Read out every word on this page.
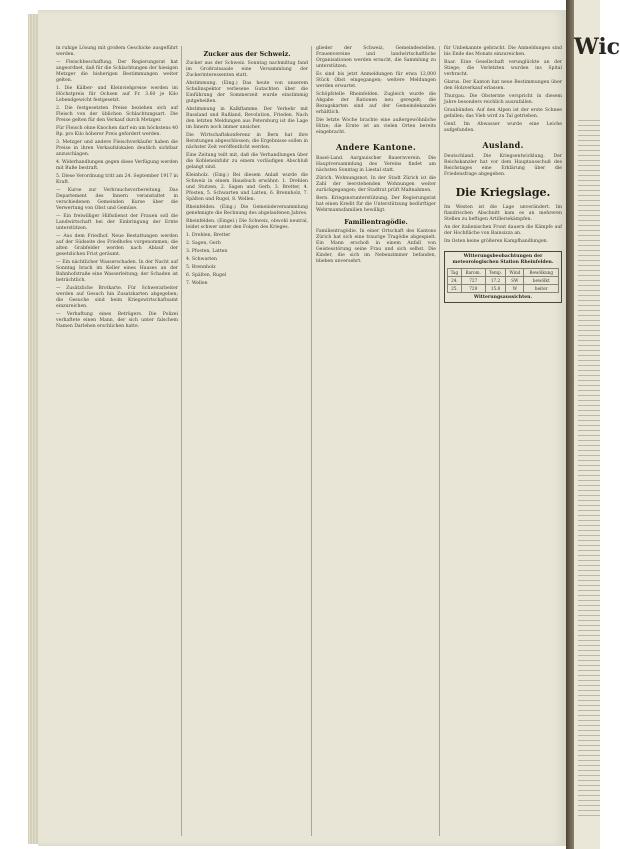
in ruhige Lösung mit großem Geschicke ausgeführt werden.
— Fleischbeschaffung. Der Regierungsrat hat angeordnet, daß für die Schlachtungen der hiesigen Metzger die bisherigen Bestimmungen weiter gelten.
1. Die Kälber- und Kleinviehpreise werden im Höchstpreis für Ochsen auf Fr. 3.60 je Kilo Lebendgewicht festgesetzt.
2. Die festgesetzten Preise beziehen sich auf Fleisch von der üblichen Schlachtungsart. Die Preise gelten für den Verkauf durch Metzger.
Für Fleisch ohne Knochen darf ein um höchstens 40 Rp. pro Kilo höherer Preis gefordert werden.
3. Metzger und andere Fleischverkäufer haben die Preise in ihren Verkaufslokalen deutlich sichtbar anzuschlagen.
4. Widerhandlungen gegen diese Verfügung werden mit Buße bestraft.
5. Diese Verordnung tritt am 24. September 1917 in Kraft.
— Kurse zur Verbrauchsvorbereitung. Das Departement des Innern veranstaltet in verschiedenen Gemeinden Kurse über die Verwertung von Obst und Gemüse.
— Ein freiwilliger Hilfsdienst der Frauen soll die Landwirtschaft bei der Einbringung der Ernte unterstützen.
— Aus dem Friedhof. Neue Bestattungen werden auf der Südseite des Friedhofes vorgenommen; die alten Grabfelder werden nach Ablauf der gesetzlichen Frist geräumt.
— Ein nächtlicher Wasserschaden. In der Nacht auf Sonntag brach im Keller eines Hauses an der Bahnhofstraße eine Wasserleitung; der Schaden ist beträchtlich.
— Zusätzliche Brotkarte. Für Schwerarbeiter werden auf Gesuch hin Zusatzkarten abgegeben; die Gesuche sind beim Kriegswirtschaftsamt einzureichen.
— Verhaftung eines Betrügers. Die Polizei verhaftete einen Mann, der sich unter falschem Namen Darlehen erschlichen hatte.
Zucker aus der Schweiz.
Zucker aus der Schweiz. Sonntag nachmittag fand im Großratssaale eine Versammlung der Zuckerinteressenten statt.
Abstimmung. (Eing.) Das heute von unserem Schulinspektor verlesene Gutachten über die Einführung der Sommerzeit wurde einstimmig gutgeheißen.
Abstimmung in Kalkflamme. Der Verkehr mit Russland und Rußland, Revolution, Frieden. Nach den letzten Meldungen aus Petersburg ist die Lage im Innern noch immer unsicher.
Die Wirtschaftskonferenz in Bern hat ihre Beratungen abgeschlossen; die Ergebnisse sollen in nächster Zeit veröffentlicht werden.
Eine Zeitung teilt mit, daß die Verhandlungen über die Kohleneinfuhr zu einem vorläufigen Abschluß gelangt sind.
Kleinholz. (Eing.) Bei diesem Anlaß wurde die Schweiz in einem Hausbuch erwähnt: 1. Drehlen und Stutzen, 2. Sagen und Gerb, 3. Bretter, 4. Pfosten, 5. Schwarten und Latten, 6. Brennholz, 7. Spälten und Rugel, 8. Wellen.
Rheinfelden. (Eing.) Die Gemeindeversammlung genehmigte die Rechnung des abgelaufenen Jahres.
Rheinfelden. (Eingel.) Die Schweiz, obwohl neutral, leidet schwer unter den Folgen des Krieges.
1. Drehlen, Bretter
2. Sagen, Gerb
3. Pfosten, Latten
4. Schwarten
5. Brennholz
6. Spälten, Rugel
7. Wellen
glieder der Schweiz, Gemeindestellen, Frauenvereine und landwirtschaftliche Organisationen werden ersucht, die Sammlung zu unterstützen.
Es sind bis jetzt Anmeldungen für etwa 12,000 Stück Obst eingegangen; weitere Meldungen werden erwartet.
Schöpfstelle Rheinfelden. Zugleich wurde die Abgabe der Rationen neu geregelt; die Bezugskarten sind auf der Gemeindekanzlei erhältlich.
Die letzte Woche brachte eine außergewöhnliche Hitze; die Ernte ist an vielen Orten bereits eingebracht.
Andere Kantone.
Basel-Land. Aargauischer Bauernverein. Die Hauptversammlung des Vereins findet am nächsten Sonntag in Liestal statt.
Zürich. Wohnungsnot. In der Stadt Zürich ist die Zahl der leerstehenden Wohnungen weiter zurückgegangen; der Stadtrat prüft Maßnahmen.
Bern. Kriegsnotunterstützung. Der Regierungsrat hat einen Kredit für die Unterstützung bedürftiger Wehrmannsfamilien bewilligt.
Familientragödie.
Familientragödie. In einer Ortschaft des Kantons Zürich hat sich eine traurige Tragödie abgespielt. Ein Mann erschoß in einem Anfall von Geistesstörung seine Frau und sich selbst. Die Kinder, die sich im Nebenzimmer befanden, blieben unversehrt.
für Unbekannte gebracht. Die Anmeldungen sind bis Ende des Monats einzureichen.
Baar. Eine Gesellschaft verunglückte an der Stiege; die Verletzten wurden ins Spital verbracht.
Glarus. Der Kanton hat neue Bestimmungen über den Holzverkauf erlassen.
Thurgau. Die Obsternte verspricht in diesem Jahre besonders reichlich auszufallen.
Graubünden. Auf den Alpen ist der erste Schnee gefallen; das Vieh wird zu Tal getrieben.
Genf. Im Abwasser wurde eine Leiche aufgefunden.
Ausland.
Deutschland. Die Kriegsentwicklung. Der Reichskanzler hat vor dem Hauptausschuß des Reichstages eine Erklärung über die Friedensfrage abgegeben.
Die Kriegslage.
Im Westen ist die Lage unverändert. Im flandrischen Abschnitt kam es an mehreren Stellen zu heftigen Artilleriekämpfen.
An der italienischen Front dauern die Kämpfe auf der Hochfläche von Bainsizza an.
Im Osten keine größeren Kampfhandlungen.
Witterungsbeobachtungen der meteorologischen Station Rheinfelden.
Tag	Barom.	Temp.	Wind	Bewölkung
24.	727	17.2	SW	bewölkt
25.	729	15.8	W	heiter
Witterungsaussichten.
Wic
